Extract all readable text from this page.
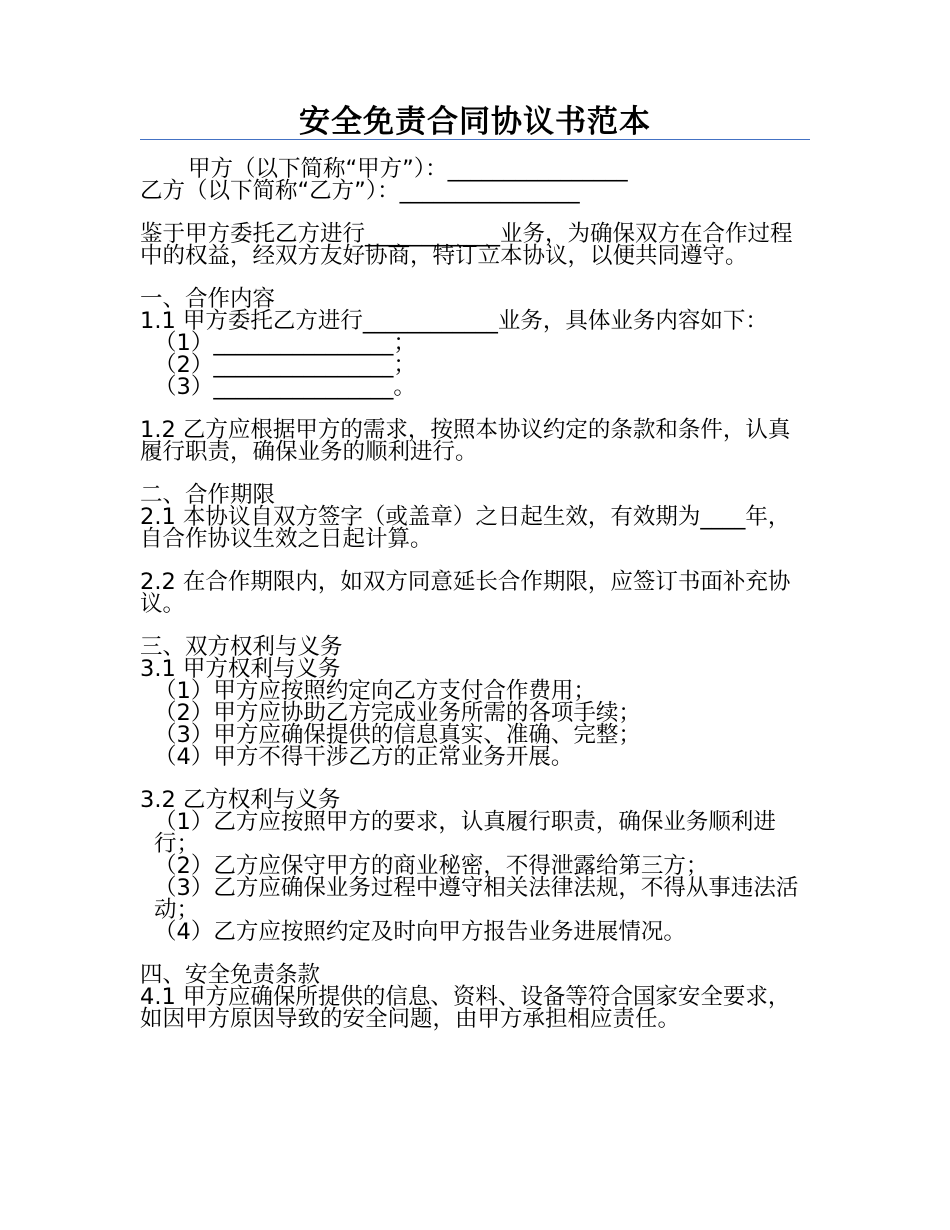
安全免责合同协议书范本

甲方（以下简称“甲方”）：________________

乙方（以下简称“乙方”）：________________

鉴于甲方委托乙方进行____________业务，为确保双方在合作过程中的权益，经双方友好协商，特订立本协议，以便共同遵守。

一、合作内容

1.1 甲方委托乙方进行____________业务，具体业务内容如下：

（1）________________；

（2）________________；

（3）________________。

1.2 乙方应根据甲方的需求，按照本协议约定的条款和条件，认真履行职责，确保业务的顺利进行。

二、合作期限

2.1 本协议自双方签字（或盖章）之日起生效，有效期为____年，自合作协议生效之日起计算。

2.2 在合作期限内，如双方同意延长合作期限，应签订书面补充协议。

三、双方权利与义务

3.1 甲方权利与义务

（1）甲方应按照约定向乙方支付合作费用；

（2）甲方应协助乙方完成业务所需的各项手续；

（3）甲方应确保提供的信息真实、准确、完整；

（4）甲方不得干涉乙方的正常业务开展。

3.2 乙方权利与义务

（1）乙方应按照甲方的要求，认真履行职责，确保业务顺利进行；

（2）乙方应保守甲方的商业秘密，不得泄露给第三方；

（3）乙方应确保业务过程中遵守相关法律法规，不得从事违法活动；

（4）乙方应按照约定及时向甲方报告业务进展情况。

四、安全免责条款

4.1 甲方应确保所提供的信息、资料、设备等符合国家安全要求，如因甲方原因导致的安全问题，由甲方承担相应责任。
